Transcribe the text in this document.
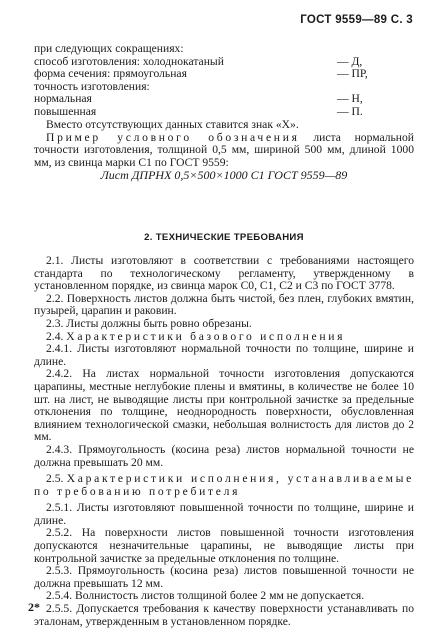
ГОСТ 9559—89 С. 3
при следующих сокращениях:
способ изготовления: холоднокатаный	— Д,
форма сечения: прямоугольная	— ПР,
точность изготовления:
нормальная	— Н,
повышенная	— П.

Вместо отсутствующих данных ставится знак «Х».

Пример условного обозначения листа нормальной точности изготовления, толщиной 0,5 мм, шириной 500 мм, длиной 1000 мм, из свинца марки С1 по ГОСТ 9559:

Лист ДПРНХ 0,5×500×1000 С1 ГОСТ 9559—89

2. ТЕХНИЧЕСКИЕ ТРЕБОВАНИЯ

2.1. Листы изготовляют в соответствии с требованиями настоящего стандарта по технологическому регламенту, утвержденному в установленном порядке, из свинца марок С0, С1, С2 и С3 по ГОСТ 3778.

2.2. Поверхность листов должна быть чистой, без плен, глубоких вмятин, пузырей, царапин и раковин.

2.3. Листы должны быть ровно обрезаны.

2.4. Характеристики базового исполнения

2.4.1. Листы изготовляют нормальной точности по толщине, ширине и длине.

2.4.2. На листах нормальной точности изготовления допускаются царапины, местные неглубокие плены и вмятины, в количестве не более 10 шт. на лист, не выводящие листы при контрольной зачистке за предельные отклонения по толщине, неоднородность поверхности, обусловленная влиянием технологической смазки, небольшая волнистость для листов до 2 мм.

2.4.3. Прямоугольность (косина реза) листов нормальной точности не должна превышать 20 мм.

2.5. Характеристики исполнения, устанавливаемые по требованию потребителя

2.5.1. Листы изготовляют повышенной точности по толщине, ширине и длине.

2.5.2. На поверхности листов повышенной точности изготовления допускаются незначительные царапины, не выводящие листы при контрольной зачистке за предельные отклонения по толщине.

2.5.3. Прямоугольность (косина реза) листов повышенной точности не должна превышать 12 мм.

2.5.4. Волнистость листов толщиной более 2 мм не допускается.

2.5.5. Допускается требования к качеству поверхности устанавливать по эталонам, утвержденным в установленном порядке.

2*
